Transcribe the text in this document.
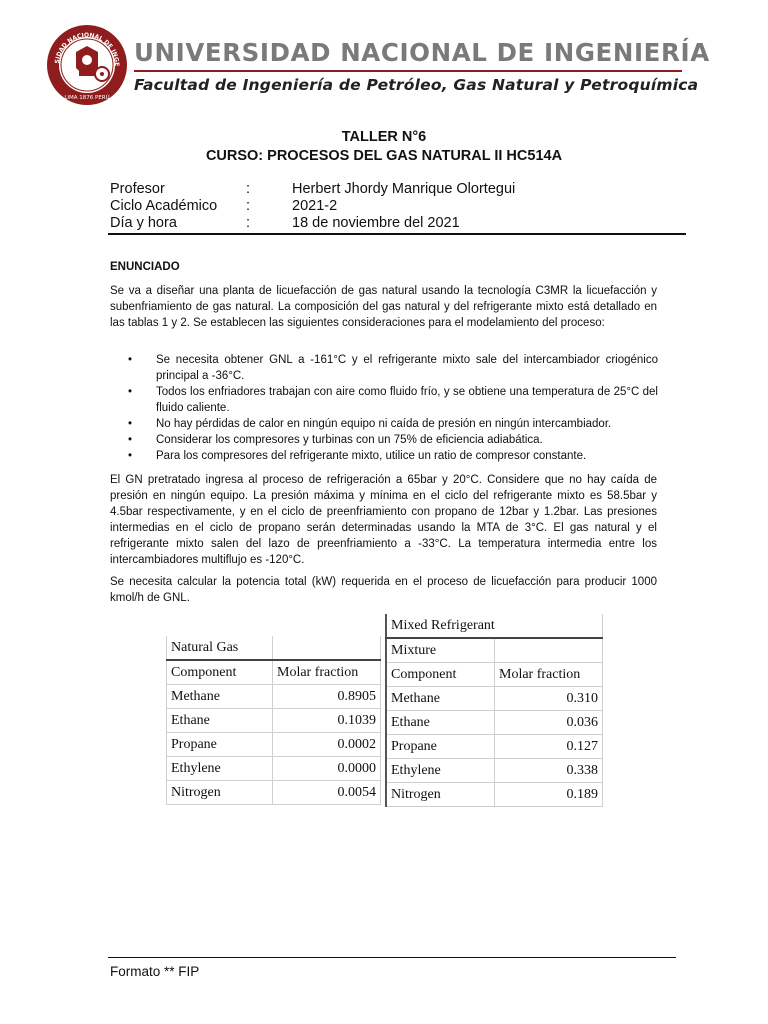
SIDAD NACIONAL DE INGE
LIMA 1876 PERÚ
UNIVERSIDAD NACIONAL DE INGENIERÍA
Facultad de Ingeniería de Petróleo, Gas Natural y Petroquímica
TALLER N°6
CURSO: PROCESOS DEL GAS NATURAL II HC514A
Profesor	:	Herbert Jhordy Manrique Olortegui
Ciclo Académico :	2021-2
Día y hora	:	18 de noviembre del 2021
ENUNCIADO
Se va a diseñar una planta de licuefacción de gas natural usando la tecnología C3MR la licuefacción y subenfriamiento de gas natural. La composición del gas natural y del refrigerante mixto está detallado en las tablas 1 y 2. Se establecen las siguientes consideraciones para el modelamiento del proceso:
• Se necesita obtener GNL a -161°C y el refrigerante mixto sale del intercambiador criogénico principal a -36°C.
• Todos los enfriadores trabajan con aire como fluido frío, y se obtiene una temperatura de 25°C del fluido caliente.
• No hay pérdidas de calor en ningún equipo ni caída de presión en ningún intercambiador.
• Considerar los compresores y turbinas con un 75% de eficiencia adiabática.
• Para los compresores del refrigerante mixto, utilice un ratio de compresor constante.
El GN pretratado ingresa al proceso de refrigeración a 65bar y 20°C. Considere que no hay caída de presión en ningún equipo. La presión máxima y mínima en el ciclo del refrigerante mixto es 58.5bar y 4.5bar respectivamente, y en el ciclo de preenfriamiento con propano de 12bar y 1.2bar. Las presiones intermedias en el ciclo de propano serán determinadas usando la MTA de 3°C. El gas natural y el refrigerante mixto salen del lazo de preenfriamiento a -33°C. La temperatura intermedia entre los intercambiadores multiflujo es -120°C.
Se necesita calcular la potencia total (kW) requerida en el proceso de licuefacción para producir 1000 kmol/h de GNL.
Natural Gas	
Component	Molar fraction
Methane	0.8905
Ethane	0.1039
Propane	0.0002
Ethylene	0.0000
Nitrogen	0.0054
Mixed Refrigerant	
Mixture	
Component	Molar fraction
Methane	0.310
Ethane	0.036
Propane	0.127
Ethylene	0.338
Nitrogen	0.189
Formato ** FIP
